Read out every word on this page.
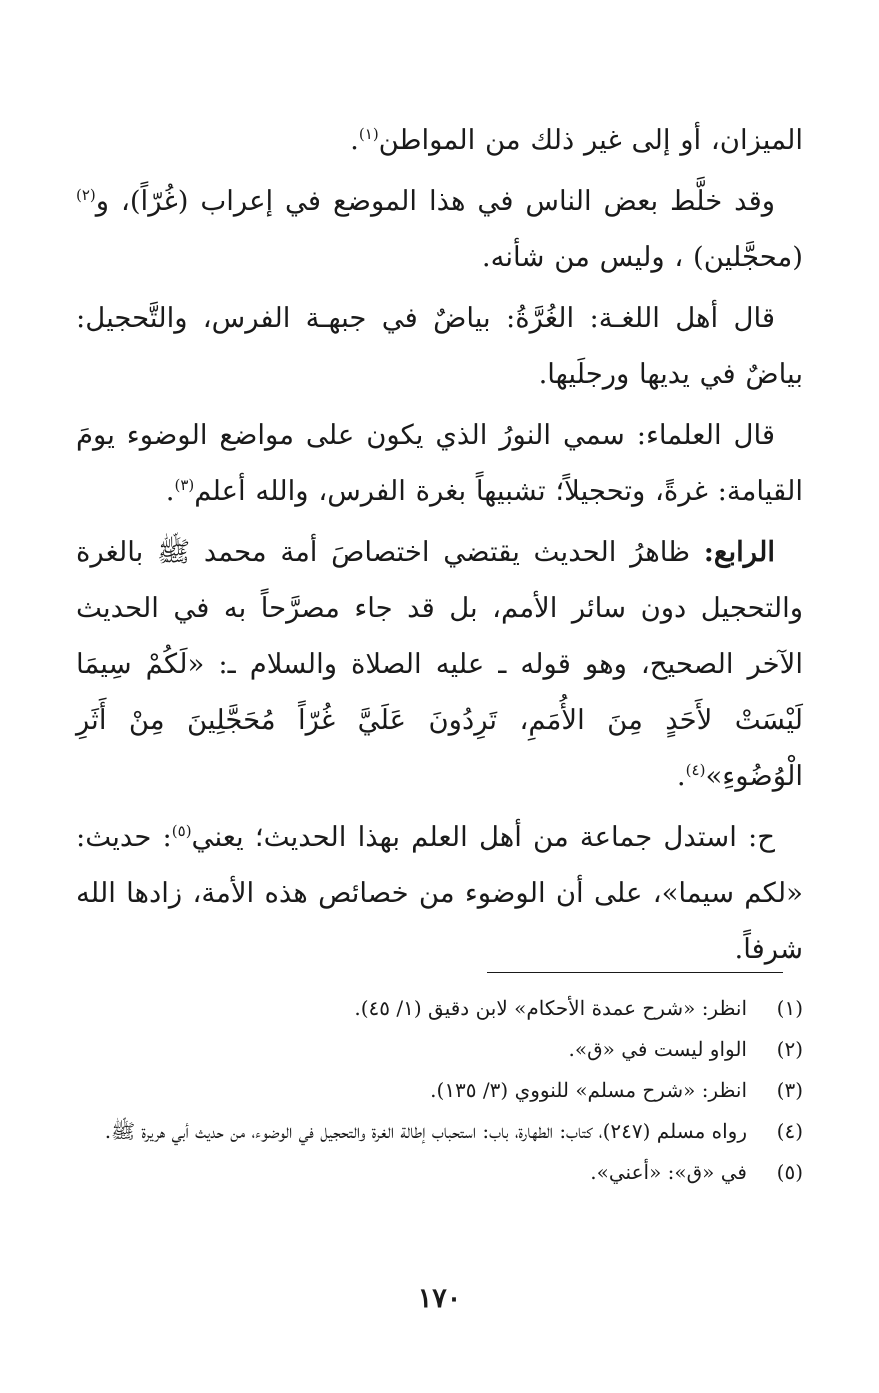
الميزان، أو إلى غير ذلك من المواطن$^{(١)}$.

وقد خلَّط بعض الناس في هذا الموضع في إعراب (غُرّاً)، و$^{(٢)}$(محجَّلين) ، وليس من شأنه.

قال أهل اللغـة: الغُرَّةُ: بياضٌ في جبهـة الفرس، والتَّحجيل: بياضٌ في يديها ورجلَيها.

قال العلماء: سمي النورُ الذي يكون على مواضع الوضوء يومَ القيامة: غرةً، وتحجيلاً؛ تشبيهاً بغرة الفرس، والله أعلم$^{(٣)}$.

الرابع: ظاهرُ الحديث يقتضي اختصاصَ أمة محمد ﷺ بالغرة والتحجيل دون سائر الأمم، بل قد جاء مصرَّحاً به في الحديث الآخر الصحيح، وهو قوله ـ عليه الصلاة والسلام ـ: «لَكُمْ سِيمَا لَيْسَتْ لأَحَدٍ مِنَ الأُمَمِ، تَرِدُونَ عَلَيَّ غُرّاً مُحَجَّلِينَ مِنْ أَثَرِ الْوُضُوءِ»$^{(٤)}$.

ح: استدل جماعة من أهل العلم بهذا الحديث؛ يعني$^{(٥)}$: حديث: «لكم سيما»، على أن الوضوء من خصائص هذه الأمة، زادها الله شرفاً.

(١)
انظر: «شرح عمدة الأحكام» لابن دقيق (١/ ٤٥).
(٢)
الواو ليست في «ق».
(٣)
انظر: «شرح مسلم» للنووي (٣/ ١٣٥).
(٤)
رواه مسلم (٢٤٧)، كتاب: الطهارة، باب: استحباب إطالة الغرة والتحجيل في الوضوء، من حديث أبي هريرة ﷺ.
(٥)
في «ق»: «أعني».
١٧٠
